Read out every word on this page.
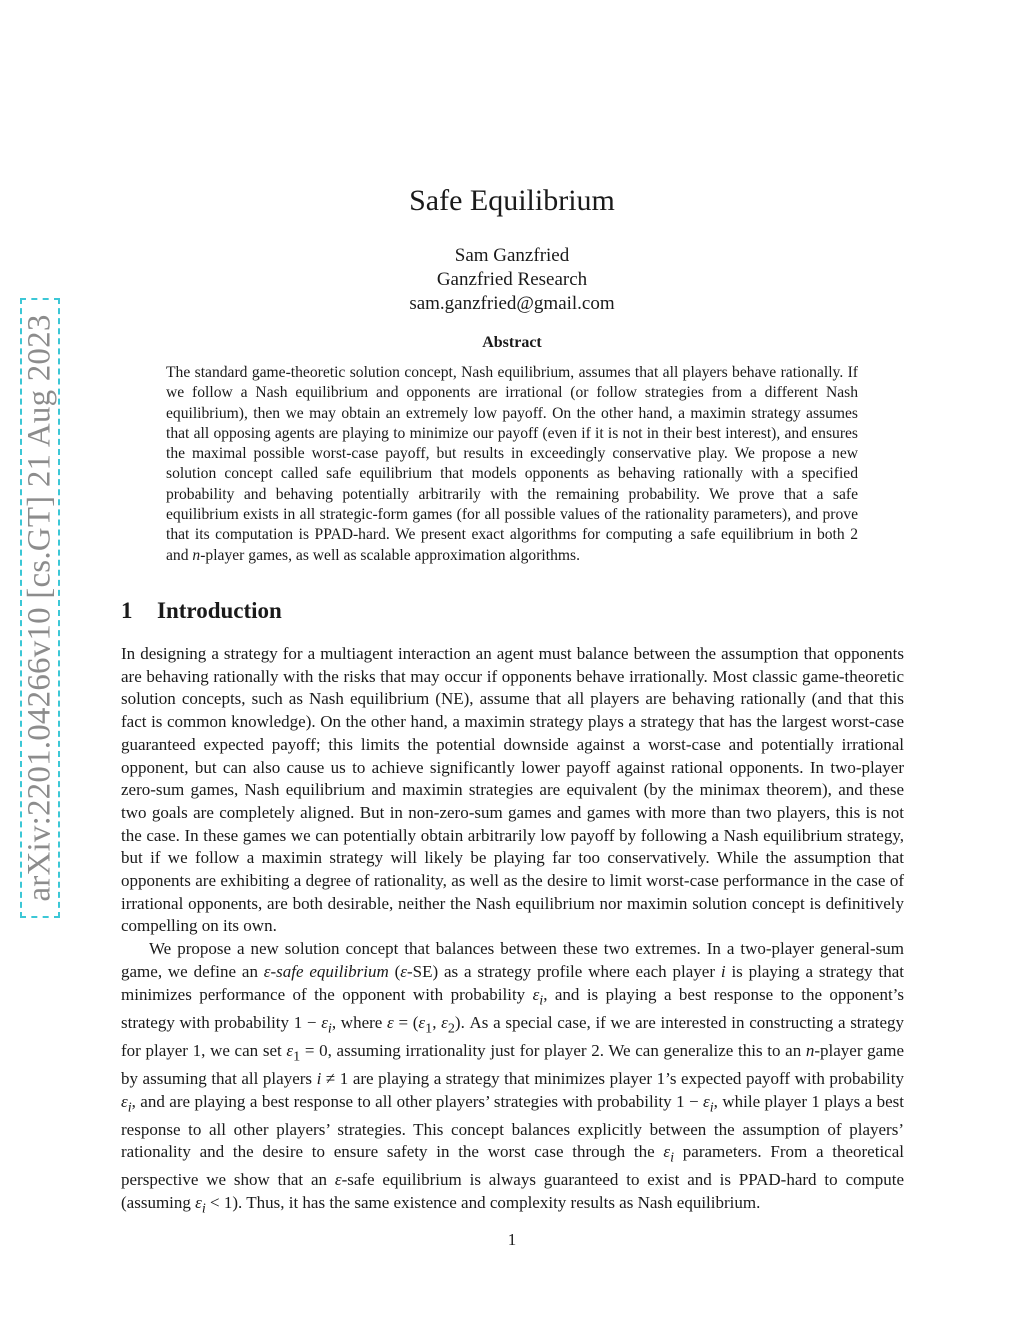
arXiv:2201.04266v10 [cs.GT] 21 Aug 2023
Safe Equilibrium
Sam Ganzfried
Ganzfried Research
sam.ganzfried@gmail.com
Abstract
The standard game-theoretic solution concept, Nash equilibrium, assumes that all players behave rationally. If we follow a Nash equilibrium and opponents are irrational (or follow strategies from a different Nash equilibrium), then we may obtain an extremely low payoff. On the other hand, a maximin strategy assumes that all opposing agents are playing to minimize our payoff (even if it is not in their best interest), and ensures the maximal possible worst-case payoff, but results in exceedingly conservative play. We propose a new solution concept called safe equilibrium that models opponents as behaving rationally with a specified probability and behaving potentially arbitrarily with the remaining probability. We prove that a safe equilibrium exists in all strategic-form games (for all possible values of the rationality parameters), and prove that its computation is PPAD-hard. We present exact algorithms for computing a safe equilibrium in both 2 and n-player games, as well as scalable approximation algorithms.
1 Introduction

In designing a strategy for a multiagent interaction an agent must balance between the assumption that opponents are behaving rationally with the risks that may occur if opponents behave irrationally. Most classic game-theoretic solution concepts, such as Nash equilibrium (NE), assume that all players are behaving rationally (and that this fact is common knowledge). On the other hand, a maximin strategy plays a strategy that has the largest worst-case guaranteed expected payoff; this limits the potential downside against a worst-case and potentially irrational opponent, but can also cause us to achieve significantly lower payoff against rational opponents. In two-player zero-sum games, Nash equilibrium and maximin strategies are equivalent (by the minimax theorem), and these two goals are completely aligned. But in non-zero-sum games and games with more than two players, this is not the case. In these games we can potentially obtain arbitrarily low payoff by following a Nash equilibrium strategy, but if we follow a maximin strategy will likely be playing far too conservatively. While the assumption that opponents are exhibiting a degree of rationality, as well as the desire to limit worst-case performance in the case of irrational opponents, are both desirable, neither the Nash equilibrium nor maximin solution concept is definitively compelling on its own.

We propose a new solution concept that balances between these two extremes. In a two-player general-sum game, we define an ε-safe equilibrium (ε-SE) as a strategy profile where each player i is playing a strategy that minimizes performance of the opponent with probability $\varepsilon_i$, and is playing a best response to the opponent’s strategy with probability $1 - \varepsilon_i$, where $\varepsilon = (\varepsilon_1$, $\varepsilon_2$). As a special case, if we are interested in constructing a strategy for player 1, we can set $\varepsilon_1 = 0$, assuming irrationality just for player 2. We can generalize this to an n-player game by assuming that all players i ≠ 1 are playing a strategy that minimizes player 1’s expected payoff with probability $\varepsilon_i$, and are playing a best response to all other players’ strategies with probability $1 - \varepsilon_i$, while player 1 plays a best response to all other players’ strategies. This concept balances explicitly between the assumption of players’ rationality and the desire to ensure safety in the worst case through the $\varepsilon_i$ parameters. From a theoretical perspective we show that an ε-safe equilibrium is always guaranteed to exist and is PPAD-hard to compute (assuming $\varepsilon_i < 1$). Thus, it has the same existence and complexity results as Nash equilibrium.

1
